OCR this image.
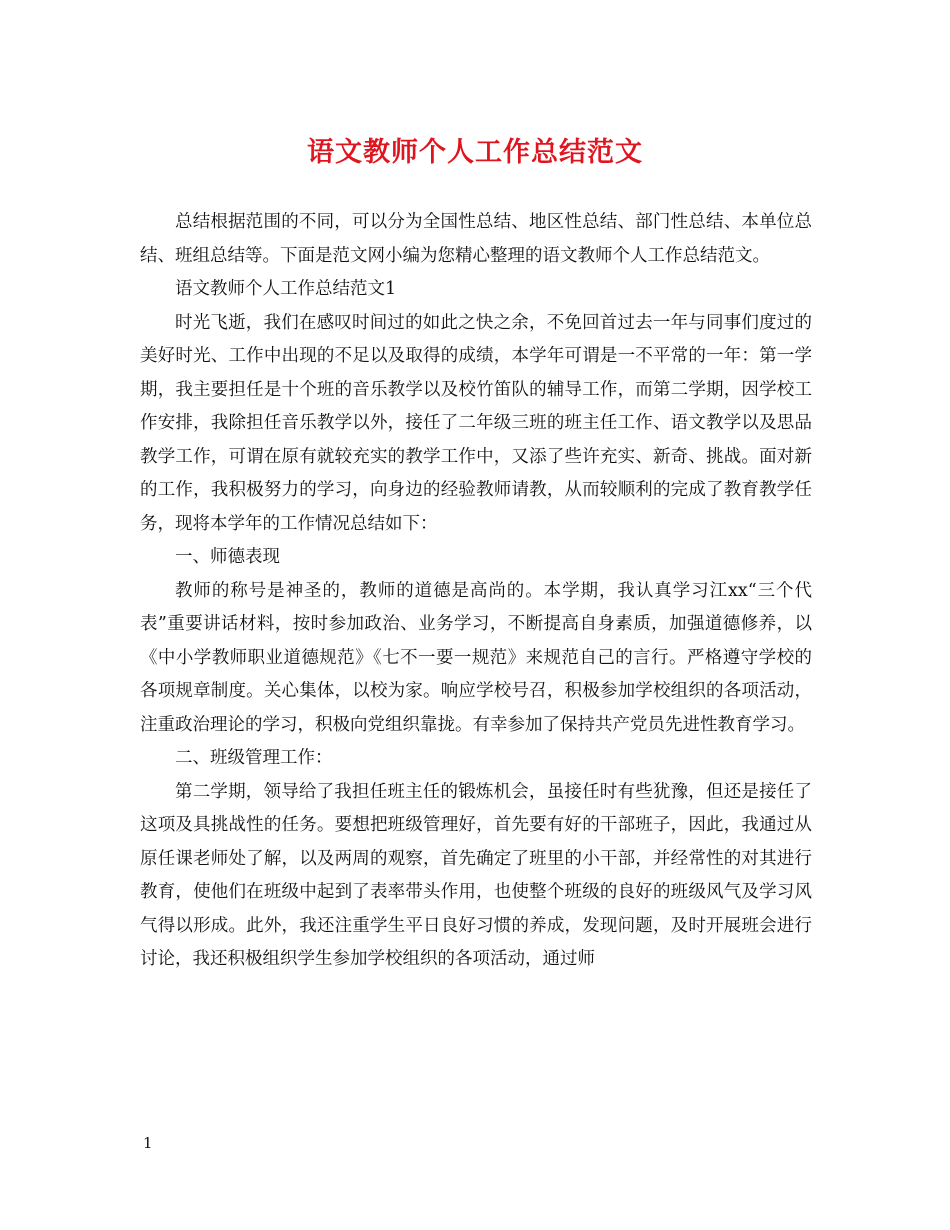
语文教师个人工作总结范文

总结根据范围的不同，可以分为全国性总结、地区性总结、部门性总结、本单位总结、班组总结等。下面是范文网小编为您精心整理的语文教师个人工作总结范文。

语文教师个人工作总结范文1

时光飞逝，我们在感叹时间过的如此之快之余，不免回首过去一年与同事们度过的美好时光、工作中出现的不足以及取得的成绩，本学年可谓是一不平常的一年：第一学期，我主要担任是十个班的音乐教学以及校竹笛队的辅导工作，而第二学期，因学校工作安排，我除担任音乐教学以外，接任了二年级三班的班主任工作、语文教学以及思品教学工作，可谓在原有就较充实的教学工作中，又添了些许充实、新奇、挑战。面对新的工作，我积极努力的学习，向身边的经验教师请教，从而较顺利的完成了教育教学任务，现将本学年的工作情况总结如下：

一、师德表现

教师的称号是神圣的，教师的道德是高尚的。本学期，我认真学习江xx“三个代表”重要讲话材料，按时参加政治、业务学习，不断提高自身素质，加强道德修养，以《中小学教师职业道德规范》《七不一要一规范》来规范自己的言行。严格遵守学校的各项规章制度。关心集体，以校为家。响应学校号召，积极参加学校组织的各项活动，注重政治理论的学习，积极向党组织靠拢。有幸参加了保持共产党员先进性教育学习。

二、班级管理工作：

第二学期，领导给了我担任班主任的锻炼机会，虽接任时有些犹豫，但还是接任了这项及具挑战性的任务。要想把班级管理好，首先要有好的干部班子，因此，我通过从原任课老师处了解，以及两周的观察，首先确定了班里的小干部，并经常性的对其进行教育，使他们在班级中起到了表率带头作用，也使整个班级的良好的班级风气及学习风气得以形成。此外，我还注重学生平日良好习惯的养成，发现问题，及时开展班会进行讨论，我还积极组织学生参加学校组织的各项活动，通过师

1
